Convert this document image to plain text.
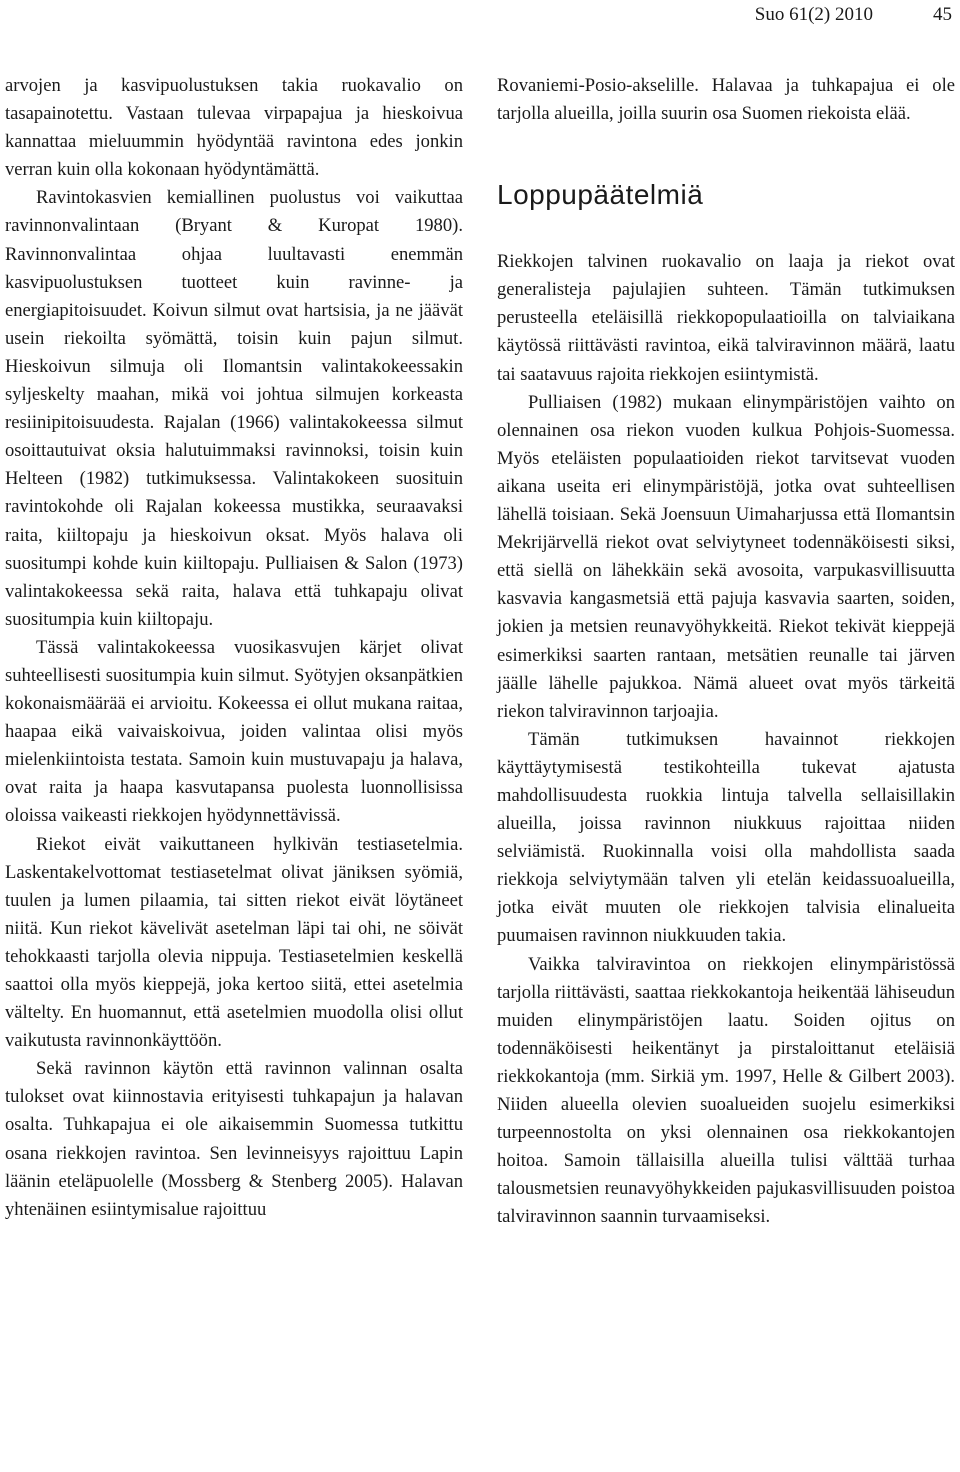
Suo 61(2) 2010	45

arvojen ja kasvipuolustuksen takia ruokavalio on tasapainotettu. Vastaan tulevaa virpapajua ja hieskoivua kannattaa mieluummin hyödyntää ravintona edes jonkin verran kuin olla kokonaan hyödyntämättä.

Ravintokasvien kemiallinen puolustus voi vaikuttaa ravinnonvalintaan (Bryant & Kuropat 1980). Ravinnonvalintaa ohjaa luultavasti enemmän kasvipuolustuksen tuotteet kuin ravinne- ja energiapitoisuudet. Koivun silmut ovat hartsisia, ja ne jäävät usein riekoilta syömättä, toisin kuin pajun silmut. Hieskoivun silmuja oli Ilomantsin valintakokeessakin syljeskelty maahan, mikä voi johtua silmujen korkeasta resiinipitoisuudesta. Rajalan (1966) valintakokeessa silmut osoittautuivat oksia halutuimmaksi ravinnoksi, toisin kuin Helteen (1982) tutkimuksessa. Valintakokeen suosituin ravintokohde oli Rajalan kokeessa mustikka, seuraavaksi raita, kiiltopaju ja hieskoivun oksat. Myös halava oli suositumpi kohde kuin kiiltopaju. Pulliaisen & Salon (1973) valintakokeessa sekä raita, halava että tuhkapaju olivat suositumpia kuin kiiltopaju.

Tässä valintakokeessa vuosikasvujen kärjet olivat suhteellisesti suositumpia kuin silmut. Syötyjen oksanpätkien kokonaismäärää ei arvioitu. Kokeessa ei ollut mukana raitaa, haapaa eikä vaivaiskoivua, joiden valintaa olisi myös mielenkiintoista testata. Samoin kuin mustuvapaju ja halava, ovat raita ja haapa kasvutapansa puolesta luonnollisissa oloissa vaikeasti riekkojen hyödynnettävissä.

Riekot eivät vaikuttaneen hylkivän testiasetelmia. Laskentakelvottomat testiasetelmat olivat jäniksen syömiä, tuulen ja lumen pilaamia, tai sitten riekot eivät löytäneet niitä. Kun riekot kävelivät asetelman läpi tai ohi, ne söivät tehokkaasti tarjolla olevia nippuja. Testiasetelmien keskellä saattoi olla myös kieppejä, joka kertoo siitä, ettei asetelmia vältelty. En huomannut, että asetelmien muodolla olisi ollut vaikutusta ravinnonkäyttöön.

Sekä ravinnon käytön että ravinnon valinnan osalta tulokset ovat kiinnostavia erityisesti tuhkapajun ja halavan osalta. Tuhkapajua ei ole aikaisemmin Suomessa tutkittu osana riekkojen ravintoa. Sen levinneisyys rajoittuu Lapin läänin eteläpuolelle (Mossberg & Stenberg 2005). Halavan yhtenäinen esiintymisalue rajoittuu

Rovaniemi-Posio-akselille. Halavaa ja tuhkapajua ei ole tarjolla alueilla, joilla suurin osa Suomen riekoista elää.

Loppupäätelmiä

Riekkojen talvinen ruokavalio on laaja ja riekot ovat generalisteja pajulajien suhteen. Tämän tutkimuksen perusteella eteläisillä riekkopopulaatioilla on talviaikana käytössä riittävästi ravintoa, eikä talviravinnon määrä, laatu tai saatavuus rajoita riekkojen esiintymistä.

Pulliaisen (1982) mukaan elinympäristöjen vaihto on olennainen osa riekon vuoden kulkua Pohjois-Suomessa. Myös eteläisten populaatioiden riekot tarvitsevat vuoden aikana useita eri elinympäristöjä, jotka ovat suhteellisen lähellä toisiaan. Sekä Joensuun Uimaharjussa että Ilomantsin Mekrijärvellä riekot ovat selviytyneet todennäköisesti siksi, että siellä on lähekkäin sekä avosoita, varpukasvillisuutta kasvavia kangasmetsiä että pajuja kasvavia saarten, soiden, jokien ja metsien reunavyöhykkeitä. Riekot tekivät kieppejä esimerkiksi saarten rantaan, metsätien reunalle tai järven jäälle lähelle pajukkoa. Nämä alueet ovat myös tärkeitä riekon talviravinnon tarjoajia.

Tämän tutkimuksen havainnot riekkojen käyttäytymisestä testikohteilla tukevat ajatusta mahdollisuudesta ruokkia lintuja talvella sellaisillakin alueilla, joissa ravinnon niukkuus rajoittaa niiden selviämistä. Ruokinnalla voisi olla mahdollista saada riekkoja selviytymään talven yli etelän keidassuoalueilla, jotka eivät muuten ole riekkojen talvisia elinalueita puumaisen ravinnon niukkuuden takia.

Vaikka talviravintoa on riekkojen elinympäristössä tarjolla riittävästi, saattaa riekkokantoja heikentää lähiseudun muiden elinympäristöjen laatu. Soiden ojitus on todennäköisesti heikentänyt ja pirstaloittanut eteläisiä riekkokantoja (mm. Sirkiä ym. 1997, Helle & Gilbert 2003). Niiden alueella olevien suoalueiden suojelu esimerkiksi turpeennostolta on yksi olennainen osa riekkokantojen hoitoa. Samoin tällaisilla alueilla tulisi välttää turhaa talousmetsien reunavyöhykkeiden pajukasvillisuuden poistoa talviravinnon saannin turvaamiseksi.
